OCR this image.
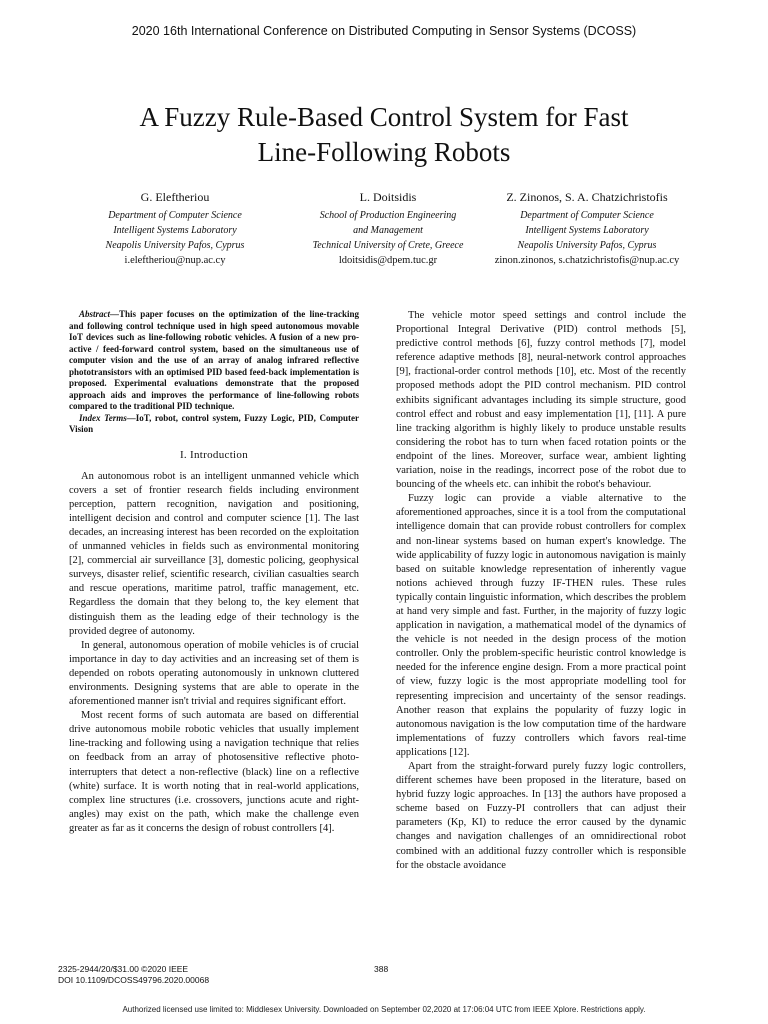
2020 16th International Conference on Distributed Computing in Sensor Systems (DCOSS)
A Fuzzy Rule-Based Control System for Fast
Line-Following Robots
G. Eleftheriou
Department of Computer Science
Intelligent Systems Laboratory
Neapolis University Pafos, Cyprus
i.eleftheriou@nup.ac.cy
L. Doitsidis
School of Production Engineering
and Management
Technical University of Crete, Greece
ldoitsidis@dpem.tuc.gr
Z. Zinonos, S. A. Chatzichristofis
Department of Computer Science
Intelligent Systems Laboratory
Neapolis University Pafos, Cyprus
zinon.zinonos, s.chatzichristofis@nup.ac.cy

Abstract—This paper focuses on the optimization of the line-tracking and following control technique used in high speed autonomous movable IoT devices such as line-following robotic vehicles. A fusion of a new pro-active / feed-forward control system, based on the simultaneous use of computer vision and the use of an array of analog infrared reflective phototransistors with an optimised PID based feed-back implementation is proposed. Experimental evaluations demonstrate that the proposed approach aids and improves the performance of line-following robots compared to the traditional PID technique.

Index Terms—IoT, robot, control system, Fuzzy Logic, PID, Computer Vision

I. Introduction

An autonomous robot is an intelligent unmanned vehicle which covers a set of frontier research fields including environment perception, pattern recognition, navigation and positioning, intelligent decision and control and computer science [1]. The last decades, an increasing interest has been recorded on the exploitation of unmanned vehicles in fields such as environmental monitoring [2], commercial air surveillance [3], domestic policing, geophysical surveys, disaster relief, scientific research, civilian casualties search and rescue operations, maritime patrol, traffic management, etc. Regardless the domain that they belong to, the key element that distinguish them as the leading edge of their technology is the provided degree of autonomy.

In general, autonomous operation of mobile vehicles is of crucial importance in day to day activities and an increasing set of them is depended on robots operating autonomously in unknown cluttered environments. Designing systems that are able to operate in the aforementioned manner isn't trivial and requires significant effort.

Most recent forms of such automata are based on differential drive autonomous mobile robotic vehicles that usually implement line-tracking and following using a navigation technique that relies on feedback from an array of photosensitive reflective photo-interrupters that detect a non-reflective (black) line on a reflective (white) surface. It is worth noting that in real-world applications, complex line structures (i.e. crossovers, junctions acute and right-angles) may exist on the path, which make the challenge even greater as far as it concerns the design of robust controllers [4].

The vehicle motor speed settings and control include the Proportional Integral Derivative (PID) control methods [5], predictive control methods [6], fuzzy control methods [7], model reference adaptive methods [8], neural-network control approaches [9], fractional-order control methods [10], etc. Most of the recently proposed methods adopt the PID control mechanism. PID control exhibits significant advantages including its simple structure, good control effect and robust and easy implementation [1], [11]. A pure line tracking algorithm is highly likely to produce unstable results considering the robot has to turn when faced rotation points or the endpoint of the lines. Moreover, surface wear, ambient lighting variation, noise in the readings, incorrect pose of the robot due to bouncing of the wheels etc. can inhibit the robot's behaviour.

Fuzzy logic can provide a viable alternative to the aforementioned approaches, since it is a tool from the computational intelligence domain that can provide robust controllers for complex and non-linear systems based on human expert's knowledge. The wide applicability of fuzzy logic in autonomous navigation is mainly based on suitable knowledge representation of inherently vague notions achieved through fuzzy IF-THEN rules. These rules typically contain linguistic information, which describes the problem at hand very simple and fast. Further, in the majority of fuzzy logic application in navigation, a mathematical model of the dynamics of the vehicle is not needed in the design process of the motion controller. Only the problem-specific heuristic control knowledge is needed for the inference engine design. From a more practical point of view, fuzzy logic is the most appropriate modelling tool for representing imprecision and uncertainty of the sensor readings. Another reason that explains the popularity of fuzzy logic in autonomous navigation is the low computation time of the hardware implementations of fuzzy controllers which favors real-time applications [12].

Apart from the straight-forward purely fuzzy logic controllers, different schemes have been proposed in the literature, based on hybrid fuzzy logic approaches. In [13] the authors have proposed a scheme based on Fuzzy-PI controllers that can adjust their parameters (Kp, KI) to reduce the error caused by the dynamic changes and navigation challenges of an omnidirectional robot combined with an additional fuzzy controller which is responsible for the obstacle avoidance

2325-2944/20/$31.00 ©2020 IEEE
DOI 10.1109/DCOSS49796.2020.00068
388
Authorized licensed use limited to: Middlesex University. Downloaded on September 02,2020 at 17:06:04 UTC from IEEE Xplore. Restrictions apply.
